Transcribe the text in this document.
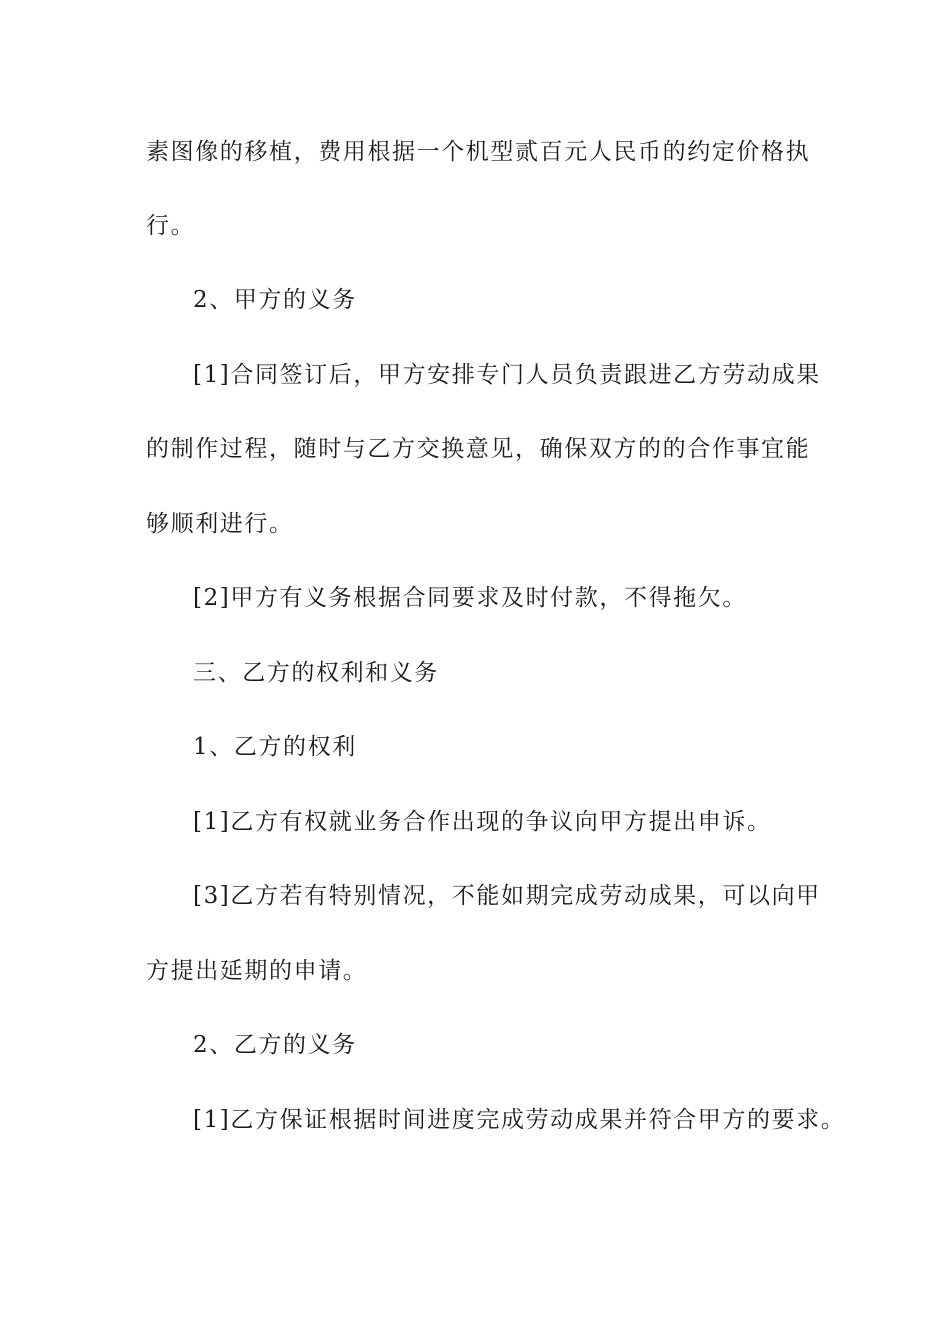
素图像的移植，费用根据一个机型贰百元人民币的约定价格执
行。
2、甲方的义务
[1]合同签订后，甲方安排专门人员负责跟进乙方劳动成果
的制作过程，随时与乙方交换意见，确保双方的的合作事宜能
够顺利进行。
[2]甲方有义务根据合同要求及时付款，不得拖欠。
三、乙方的权利和义务
1、乙方的权利
[1]乙方有权就业务合作出现的争议向甲方提出申诉。
[3]乙方若有特别情况，不能如期完成劳动成果，可以向甲
方提出延期的申请。
2、乙方的义务
[1]乙方保证根据时间进度完成劳动成果并符合甲方的要求。
